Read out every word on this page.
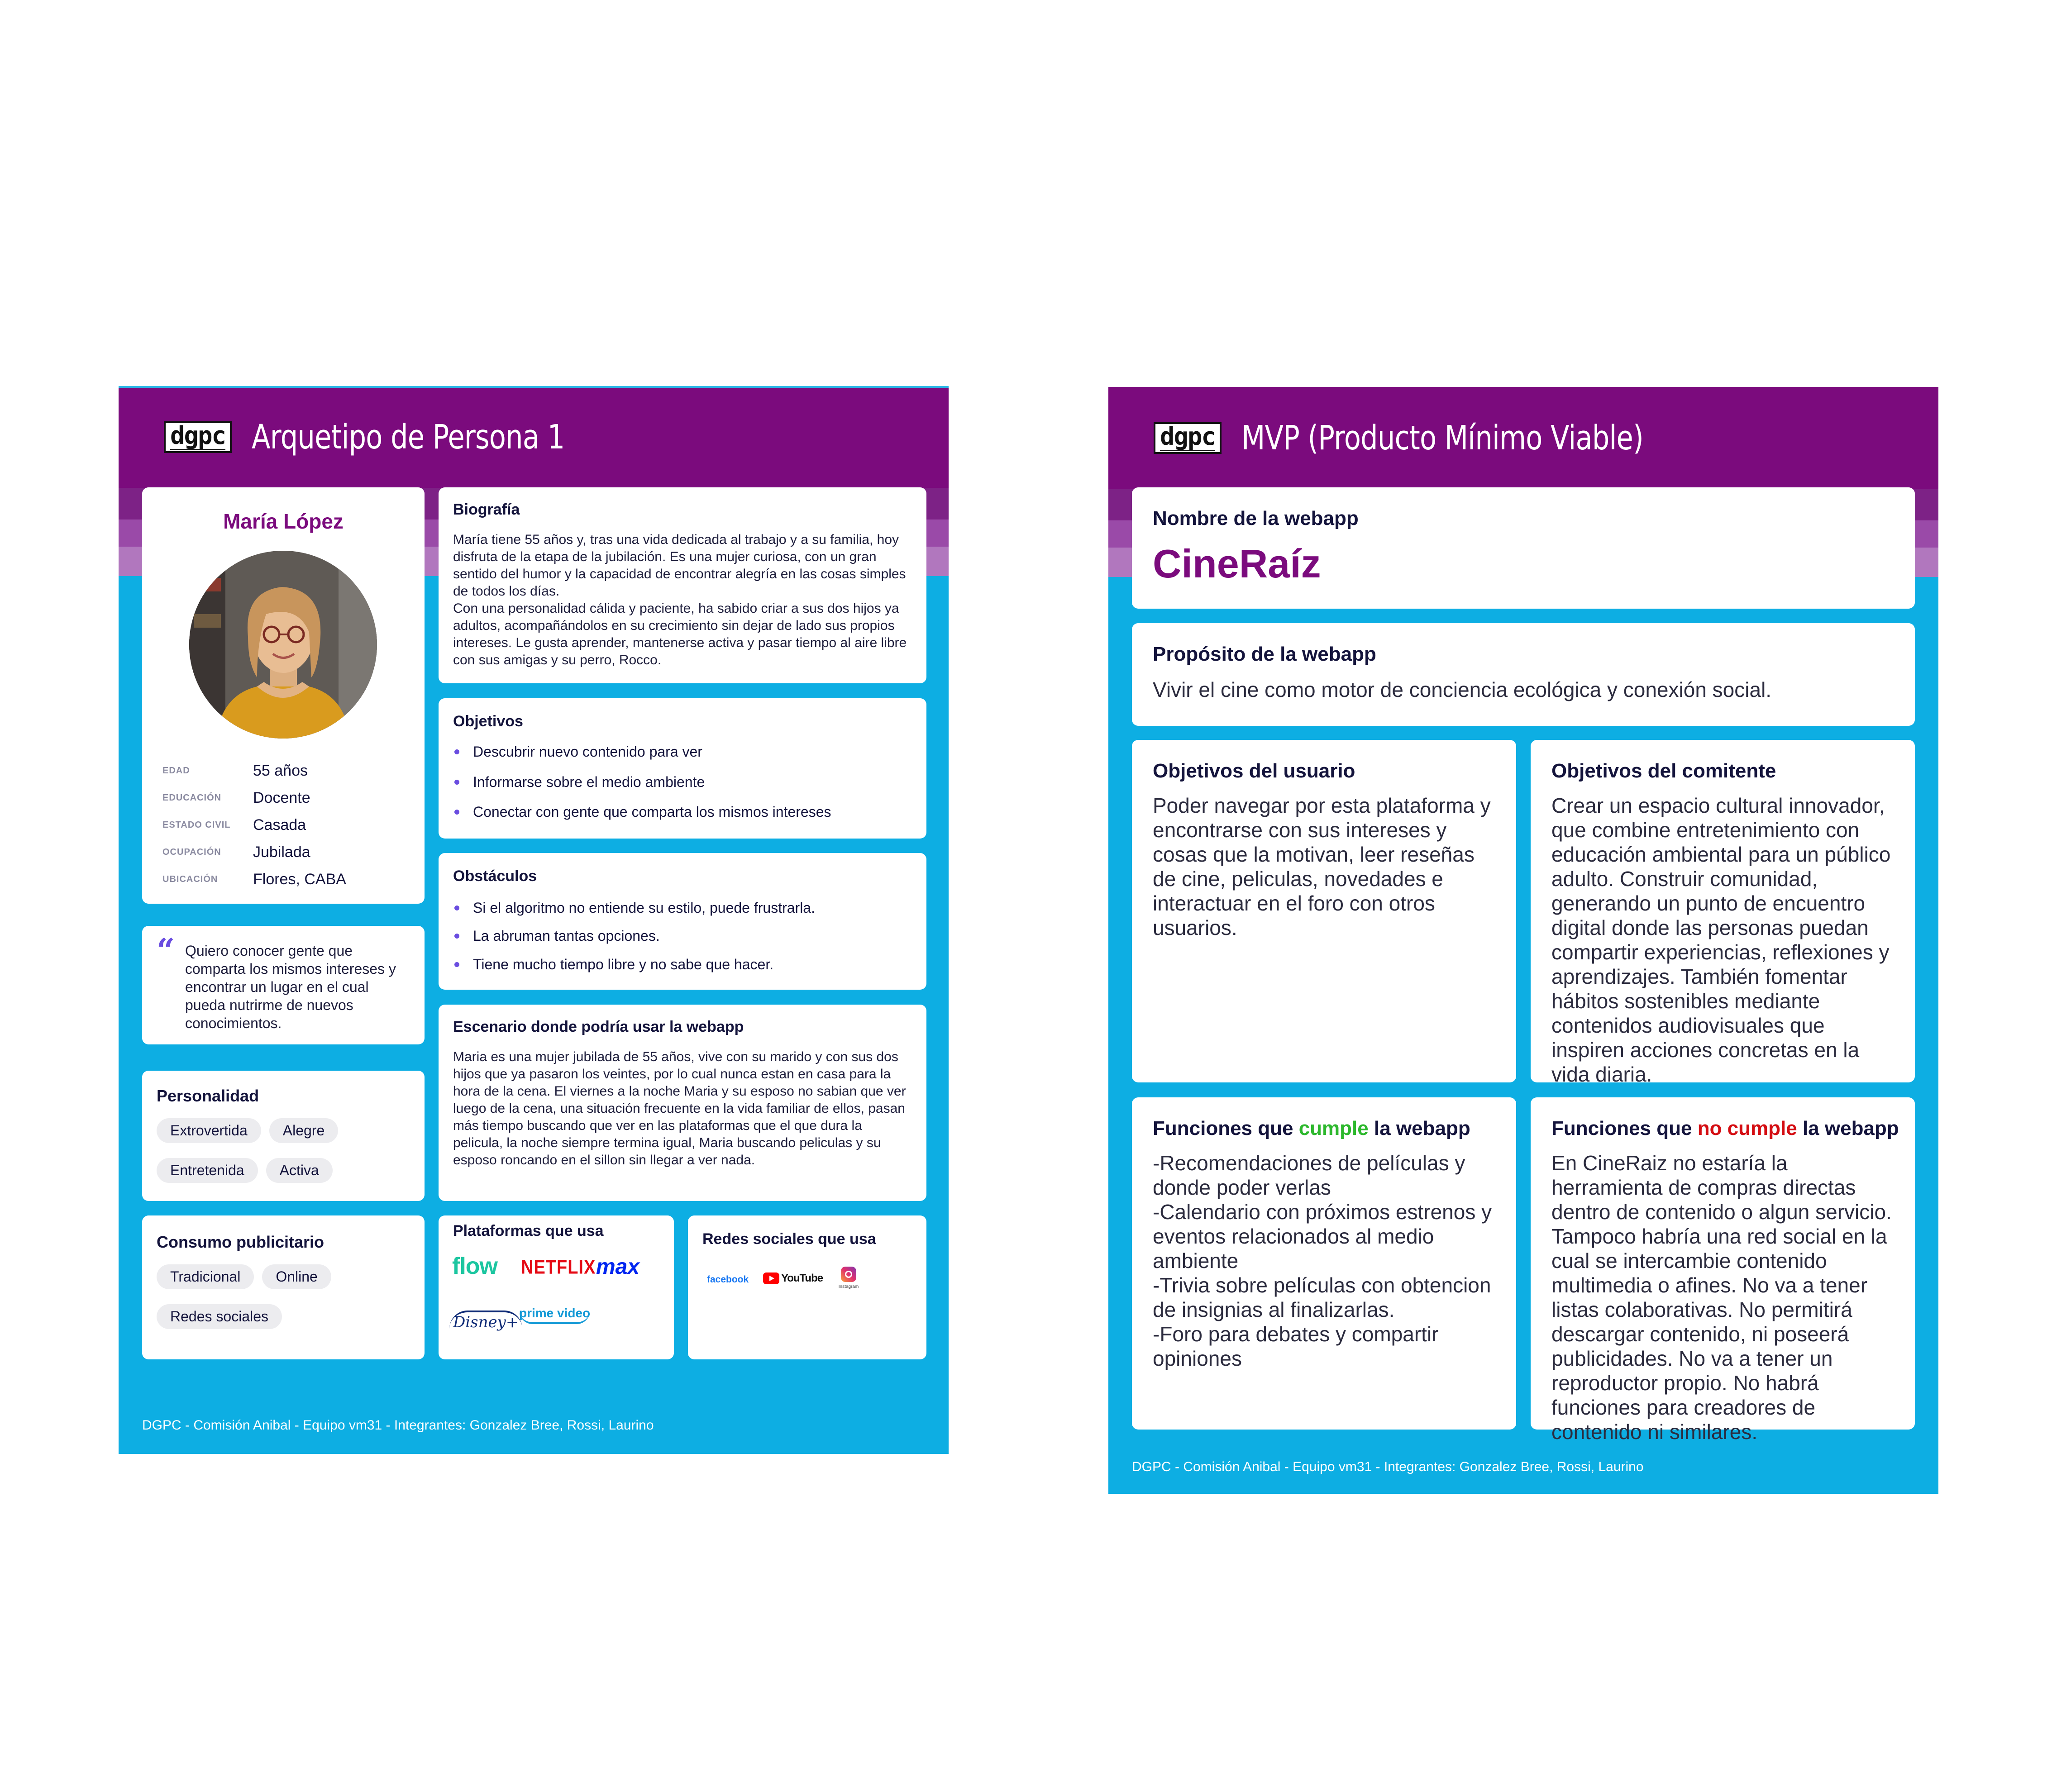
dgpc Arquetipo de Persona 1
María López
EDAD	55 años
EDUCACIÓN	Docente
ESTADO CIVIL	Casada
OCUPACIÓN	Jubilada
UBICACIÓN	Flores, CABA
“ Quiero conocer gente que comparta los mismos intereses y encontrar un lugar en el cual pueda nutrirme de nuevos conocimientos.
Personalidad
Extrovertida Alegre
Entretenida Activa
Consumo publicitario
Tradicional Online
Redes sociales
Biografía
María tiene 55 años y, tras una vida dedicada al trabajo y a su familia, hoy disfruta de la etapa de la jubilación. Es una mujer curiosa, con un gran sentido del humor y la capacidad de encontrar alegría en las cosas simples de todos los días.
Con una personalidad cálida y paciente, ha sabido criar a sus dos hijos ya adultos, acompañándolos en su crecimiento sin dejar de lado sus propios intereses. Le gusta aprender, mantenerse activa y pasar tiempo al aire libre con sus amigas y su perro, Rocco.
Objetivos
Descubrir nuevo contenido para ver
Informarse sobre el medio ambiente
Conectar con gente que comparta los mismos intereses
Obstáculos
Si el algoritmo no entiende su estilo, puede frustrarla.
La abruman tantas opciones.
Tiene mucho tiempo libre y no sabe que hacer.
Escenario donde podría usar la webapp
Maria es una mujer jubilada de 55 años, vive con su marido y con sus dos hijos que ya pasaron los veintes, por lo cual nunca estan en casa para la hora de la cena. El viernes a la noche Maria y su esposo no sabian que ver luego de la cena, una situación frecuente en la vida familiar de ellos, pasan más tiempo buscando que ver en las plataformas que el que dura la pelicula, la noche siempre termina igual, Maria buscando peliculas y su esposo roncando en el sillon sin llegar a ver nada.
Plataformas que usa
flow NETFLIX max
Disney+
prime video
Redes sociales que usa
facebook	YouTube
Instagram
DGPC - Comisión Anibal - Equipo vm31 - Integrantes: Gonzalez Bree, Rossi, Laurino
dgpc MVP (Producto Mínimo Viable)
Nombre de la webapp
CineRaíz
Propósito de la webapp
Vivir el cine como motor de conciencia ecológica y conexión social.
Objetivos del usuario
Poder navegar por esta plataforma y encontrarse con sus intereses y cosas que la motivan, leer reseñas de cine, peliculas, novedades e interactuar en el foro con otros usuarios.
Objetivos del comitente
Crear un espacio cultural innovador, que combine entretenimiento con educación ambiental para un público adulto. Construir comunidad, generando un punto de encuentro digital donde las personas puedan compartir experiencias, reflexiones y aprendizajes. También fomentar hábitos sostenibles mediante contenidos audiovisuales que inspiren acciones concretas en la vida diaria.
Funciones que cumple la webapp
-Recomendaciones de películas y donde poder verlas
-Calendario con próximos estrenos y eventos relacionados al medio ambiente
-Trivia sobre películas con obtencion de insignias al finalizarlas.
-Foro para debates y compartir opiniones
Funciones que no cumple la webapp
En CineRaiz no estaría la herramienta de compras directas dentro de contenido o algun servicio. Tampoco habría una red social en la cual se intercambie contenido multimedia o afines. No va a tener listas colaborativas. No permitirá descargar contenido, ni poseerá publicidades. No va a tener un reproductor propio. No habrá funciones para creadores de contenido ni similares.
DGPC - Comisión Anibal - Equipo vm31 - Integrantes: Gonzalez Bree, Rossi, Laurino
